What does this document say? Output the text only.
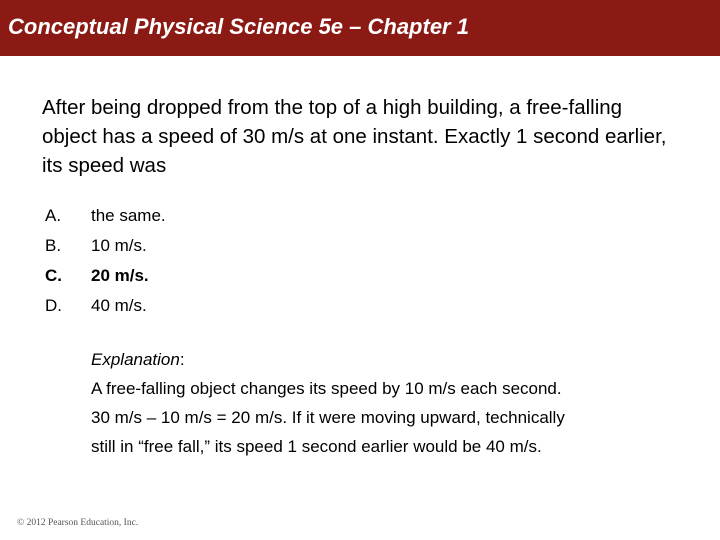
Conceptual Physical Science 5e – Chapter 1
After being dropped from the top of a high building, a free-falling object has a speed of 30 m/s at one instant. Exactly 1 second earlier, its speed was
A.	the same.
B.	10 m/s.
C.	20 m/s.
D.	40 m/s.
Explanation:
A free-falling object changes its speed by 10 m/s each second.
30 m/s – 10 m/s = 20 m/s. If it were moving upward, technically
still in “free fall,” its speed 1 second earlier would be 40 m/s.
© 2012 Pearson Education, Inc.
